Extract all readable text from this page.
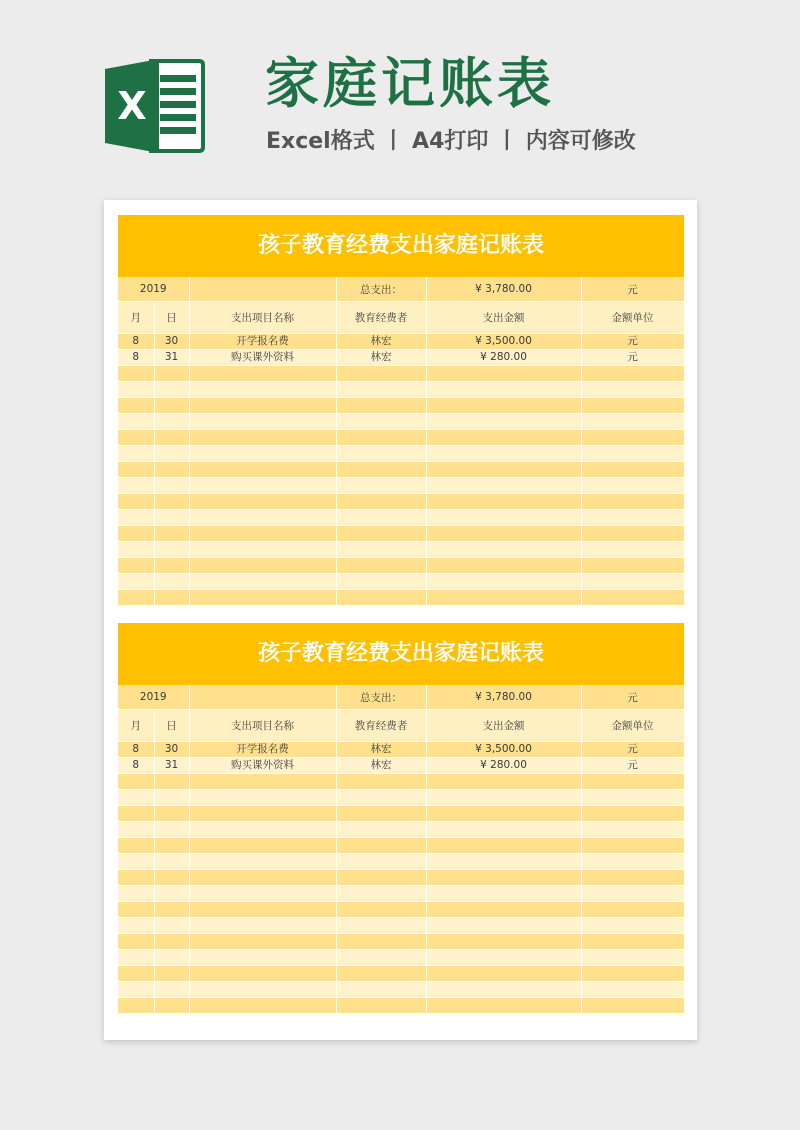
X 家庭记账表
Excel格式 丨 A4打印 丨 内容可修改
孩子教育经费支出家庭记账表
2019			总支出：	¥ 3,780.00	元
月	日	支出项目名称	教育经费者	支出金额	金额单位
8	30	开学报名费	林宏	¥ 3,500.00	元
8	31	购买课外资料	林宏	¥ 280.00	元

孩子教育经费支出家庭记账表
2019			总支出：	¥ 3,780.00	元
月	日	支出项目名称	教育经费者	支出金额	金额单位
8	30	开学报名费	林宏	¥ 3,500.00	元
8	31	购买课外资料	林宏	¥ 280.00	元
